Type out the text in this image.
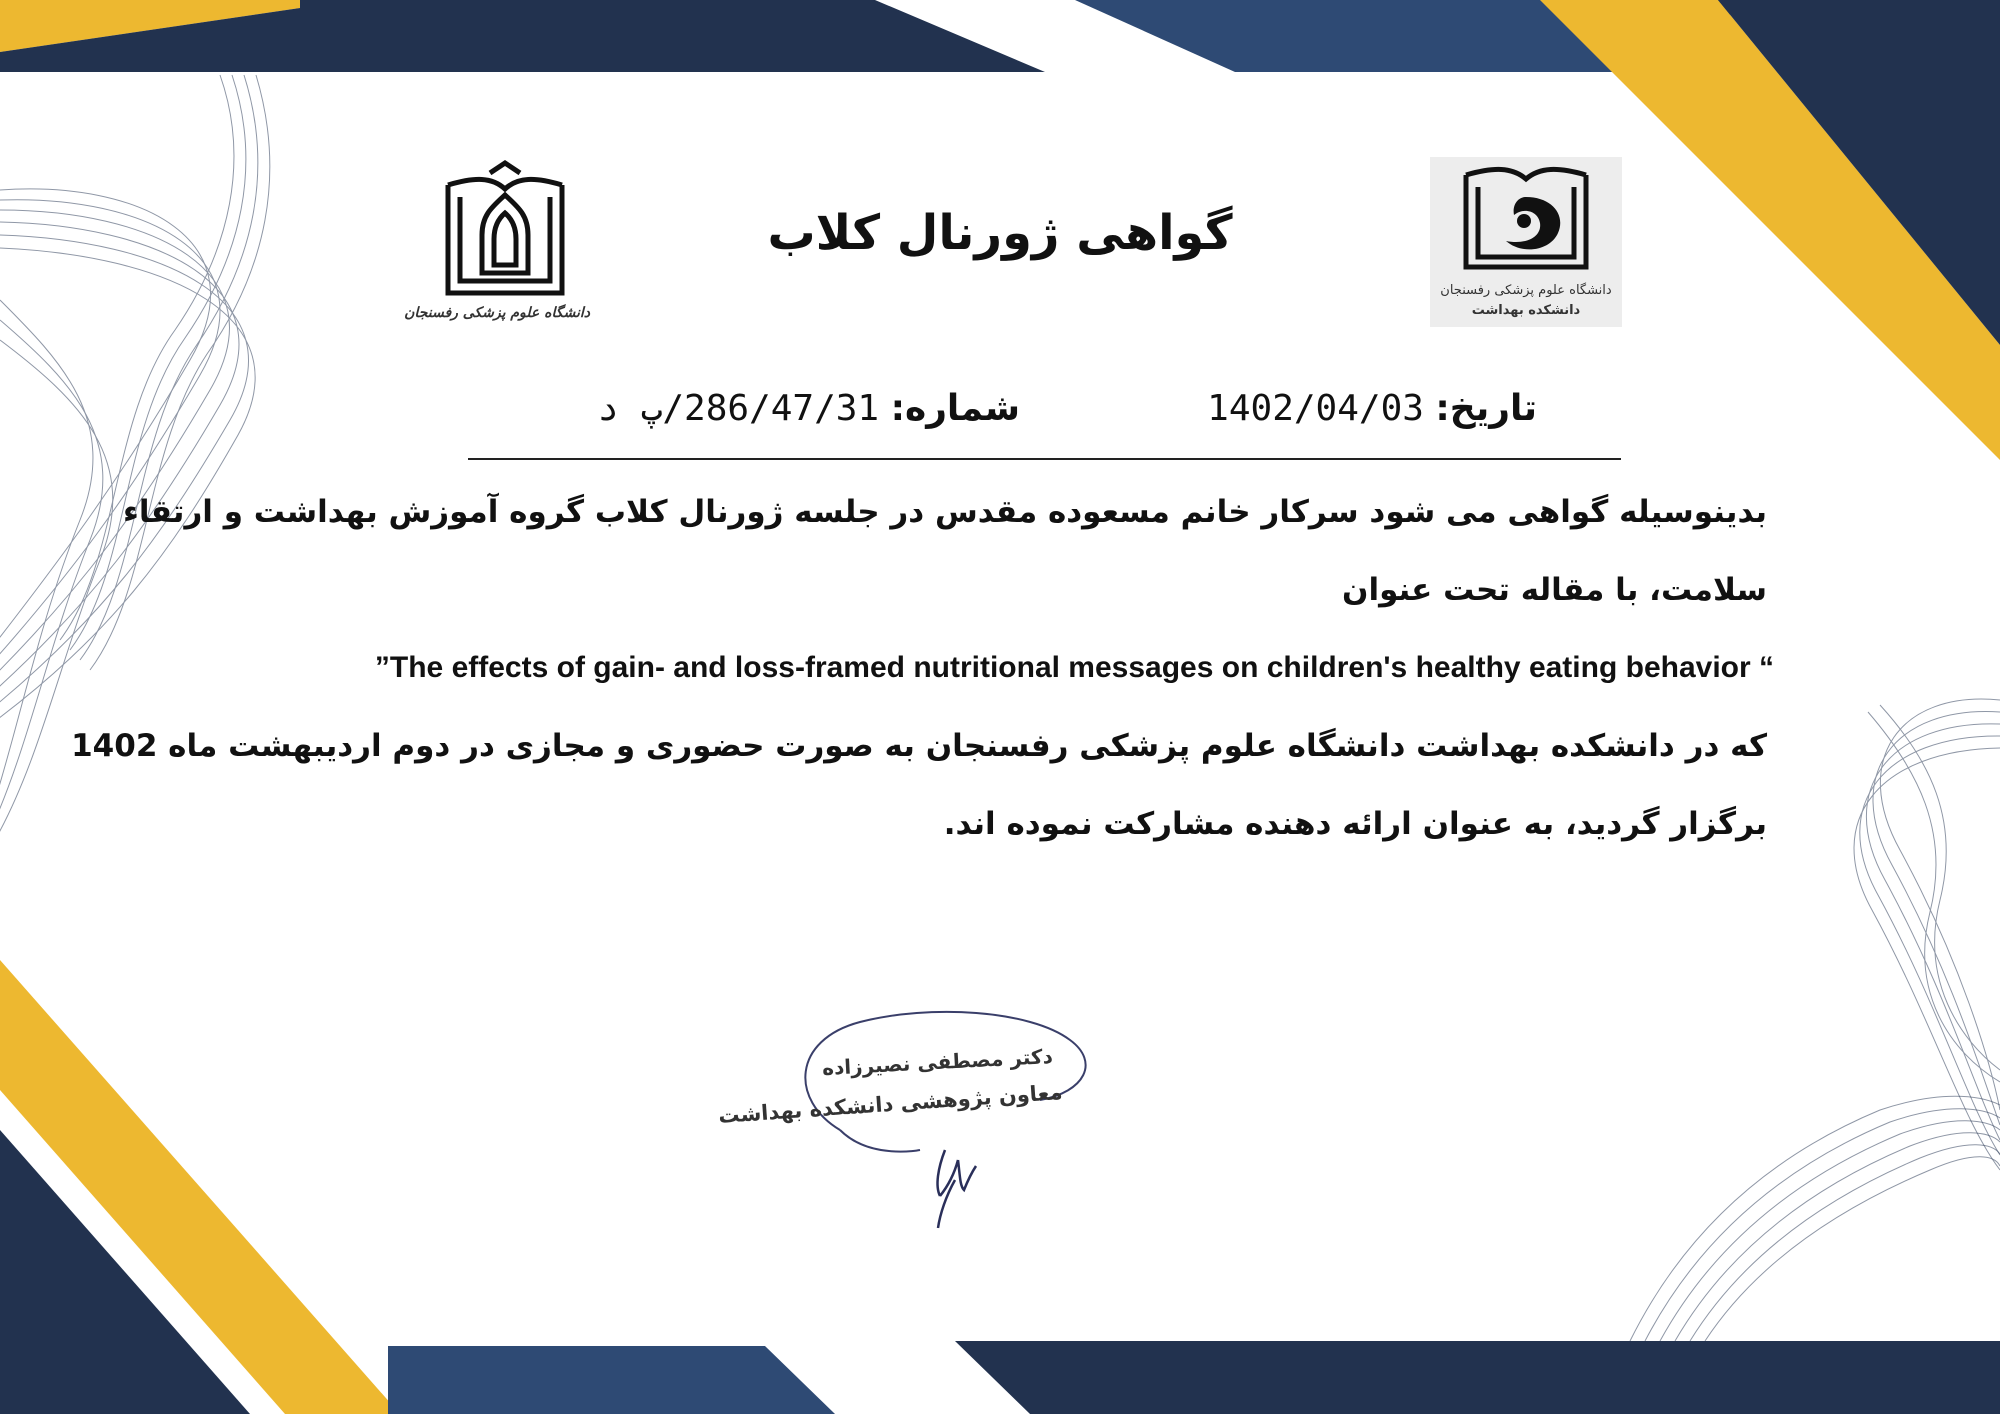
دانشگاه علوم پزشکی رفسنجان
دانشگاه علوم پزشکی رفسنجان
دانشکده بهداشت
گواهی ژورنال کلاب
تاریخ: 1402/04/03
شماره: 286/47/31/پ د
بدینوسیله گواهی می شود سرکار خانم مسعوده مقدس در جلسه ژورنال کلاب گروه آموزش بهداشت و ارتقاء
سلامت، با مقاله تحت عنوان
”The effects of gain- and loss-framed nutritional messages on children's healthy eating behavior “
که در دانشکده بهداشت دانشگاه علوم پزشکی رفسنجان به صورت حضوری و مجازی در دوم اردیبهشت ماه 1402
برگزار گردید، به عنوان ارائه دهنده مشارکت نموده اند.
دکتر مصطفی نصیرزاده
معاون پژوهشی دانشکده بهداشت
